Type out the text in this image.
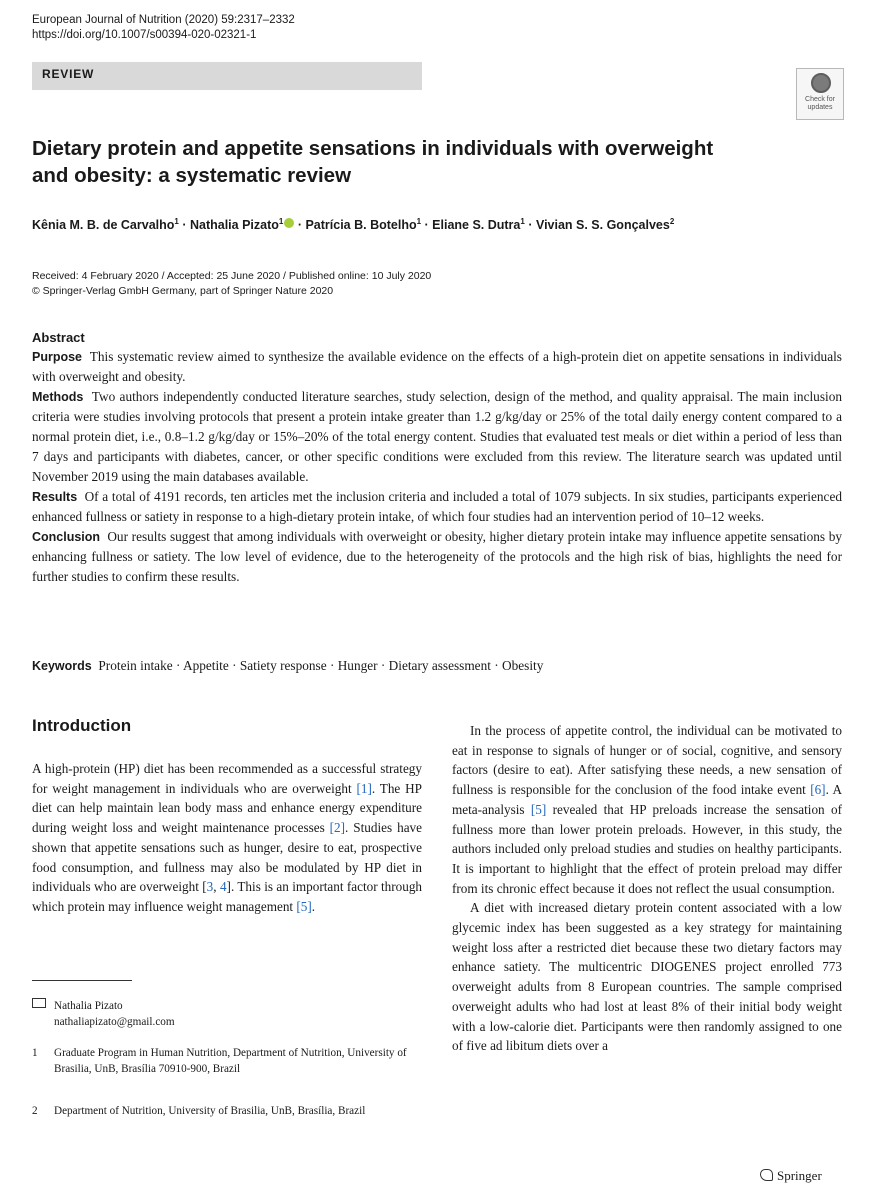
European Journal of Nutrition (2020) 59:2317–2332
https://doi.org/10.1007/s00394-020-02321-1
REVIEW
Check for
updates
Dietary protein and appetite sensations in individuals with overweight
and obesity: a systematic review
Kênia M. B. de Carvalho$^1$ · Nathalia Pizato$^1$ · Patrícia B. Botelho$^1$ · Eliane S. Dutra$^1$ · Vivian S. S. Gonçalves$^2$
Received: 4 February 2020 / Accepted: 25 June 2020 / Published online: 10 July 2020
© Springer-Verlag GmbH Germany, part of Springer Nature 2020
Abstract

Purpose This systematic review aimed to synthesize the available evidence on the effects of a high-protein diet on appetite sensations in individuals with overweight and obesity.

Methods Two authors independently conducted literature searches, study selection, design of the method, and quality appraisal. The main inclusion criteria were studies involving protocols that present a protein intake greater than 1.2 g/kg/day or 25% of the total daily energy content compared to a normal protein diet, i.e., 0.8–1.2 g/kg/day or 15%–20% of the total energy content. Studies that evaluated test meals or diet within a period of less than 7 days and participants with diabetes, cancer, or other specific conditions were excluded from this review. The literature search was updated until November 2019 using the main databases available.

Results Of a total of 4191 records, ten articles met the inclusion criteria and included a total of 1079 subjects. In six studies, participants experienced enhanced fullness or satiety in response to a high-dietary protein intake, of which four studies had an intervention period of 10–12 weeks.

Conclusion Our results suggest that among individuals with overweight or obesity, higher dietary protein intake may influence appetite sensations by enhancing fullness or satiety. The low level of evidence, due to the heterogeneity of the protocols and the high risk of bias, highlights the need for further studies to confirm these results.

Keywords Protein intake · Appetite · Satiety response · Hunger · Dietary assessment · Obesity
Introduction

A high-protein (HP) diet has been recommended as a successful strategy for weight management in individuals who are overweight [1]. The HP diet can help maintain lean body mass and enhance energy expenditure during weight loss and weight maintenance processes [2]. Studies have shown that appetite sensations such as hunger, desire to eat, prospective food consumption, and fullness may also be modulated by HP diet in individuals who are overweight [3, 4]. This is an important factor through which protein may influence weight management [5].

In the process of appetite control, the individual can be motivated to eat in response to signals of hunger or of social, cognitive, and sensory factors (desire to eat). After satisfying these needs, a new sensation of fullness is responsible for the conclusion of the food intake event [6]. A meta-analysis [5] revealed that HP preloads increase the sensation of fullness more than lower protein preloads. However, in this study, the authors included only preload studies and studies on healthy participants. It is important to highlight that the effect of protein preload may differ from its chronic effect because it does not reflect the usual consumption.

A diet with increased dietary protein content associated with a low glycemic index has been suggested as a key strategy for maintaining weight loss after a restricted diet because these two dietary factors may enhance satiety. The multicentric DIOGENES project enrolled 773 overweight adults from 8 European countries. The sample comprised overweight adults who had lost at least 8% of their initial body weight with a low-calorie diet. Participants were then randomly assigned to one of five ad libitum diets over a

Nathalia Pizato
nathaliapizato@gmail.com
1 Graduate Program in Human Nutrition, Department of Nutrition, University of Brasilia, UnB, Brasília 70910-900, Brazil
2 Department of Nutrition, University of Brasilia, UnB, Brasília, Brazil
Springer
